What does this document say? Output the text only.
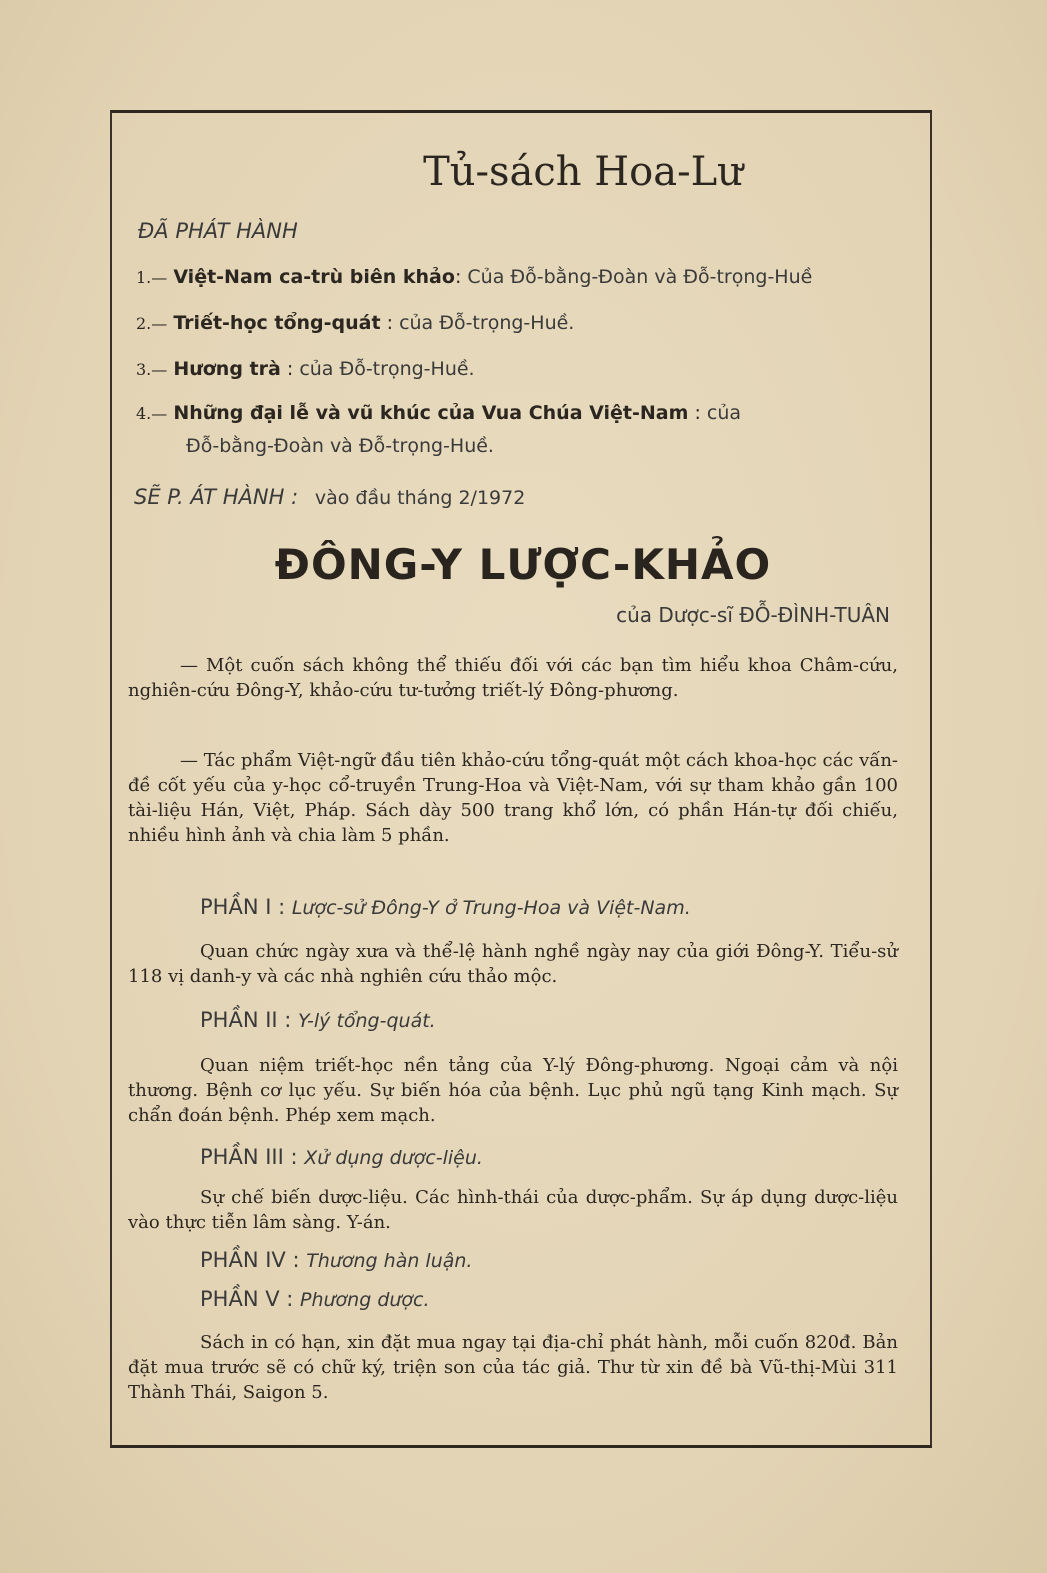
Tủ-sách Hoa-Lư
ĐÃ PHÁT HÀNH
1.— Việt-Nam ca-trù biên khảo: Của Đỗ-bằng-Đoàn và Đỗ-trọng-Huề
2.— Triết-học tổng-quát : của Đỗ-trọng-Huề.
3.— Hương trà : của Đỗ-trọng-Huề.
4.— Những đại lễ và vũ khúc của Vua Chúa Việt-Nam : của
Đỗ-bằng-Đoàn và Đỗ-trọng-Huề.
SẼ P. ÁT HÀNH : vào đầu tháng 2/1972
ĐÔNG-Y LƯỢC-KHẢO
của Dược-sĩ ĐỖ-ĐÌNH-TUÂN
— Một cuốn sách không thể thiếu đối với các bạn tìm hiểu khoa Châm-cứu, nghiên-cứu Đông-Y, khảo-cứu tư-tưởng triết-lý Đông-phương.
— Tác phẩm Việt-ngữ đầu tiên khảo-cứu tổng-quát một cách khoa-học các vấn-đề cốt yếu của y-học cổ-truyền Trung-Hoa và Việt-Nam, với sự tham khảo gần 100 tài-liệu Hán, Việt, Pháp. Sách dày 500 trang khổ lớn, có phần Hán-tự đối chiếu, nhiều hình ảnh và chia làm 5 phần.
PHẦN I : Lược-sử Đông-Y ở Trung-Hoa và Việt-Nam.
Quan chức ngày xưa và thể-lệ hành nghề ngày nay của giới Đông-Y. Tiểu-sử 118 vị danh-y và các nhà nghiên cứu thảo mộc.
PHẦN II : Y-lý tổng-quát.
Quan niệm triết-học nền tảng của Y-lý Đông-phương. Ngoại cảm và nội thương. Bệnh cơ lục yếu. Sự biến hóa của bệnh. Lục phủ ngũ tạng Kinh mạch. Sự chẩn đoán bệnh. Phép xem mạch.
PHẦN III : Xử dụng dược-liệu.
Sự chế biến dược-liệu. Các hình-thái của dược-phẩm. Sự áp dụng dược-liệu vào thực tiễn lâm sàng. Y-án.
PHẦN IV : Thương hàn luận.
PHẦN V : Phương dược.
Sách in có hạn, xin đặt mua ngay tại địa-chỉ phát hành, mỗi cuốn 820đ. Bản đặt mua trước sẽ có chữ ký, triện son của tác giả. Thư từ xin đề bà Vũ-thị-Mùi 311 Thành Thái, Saigon 5.
